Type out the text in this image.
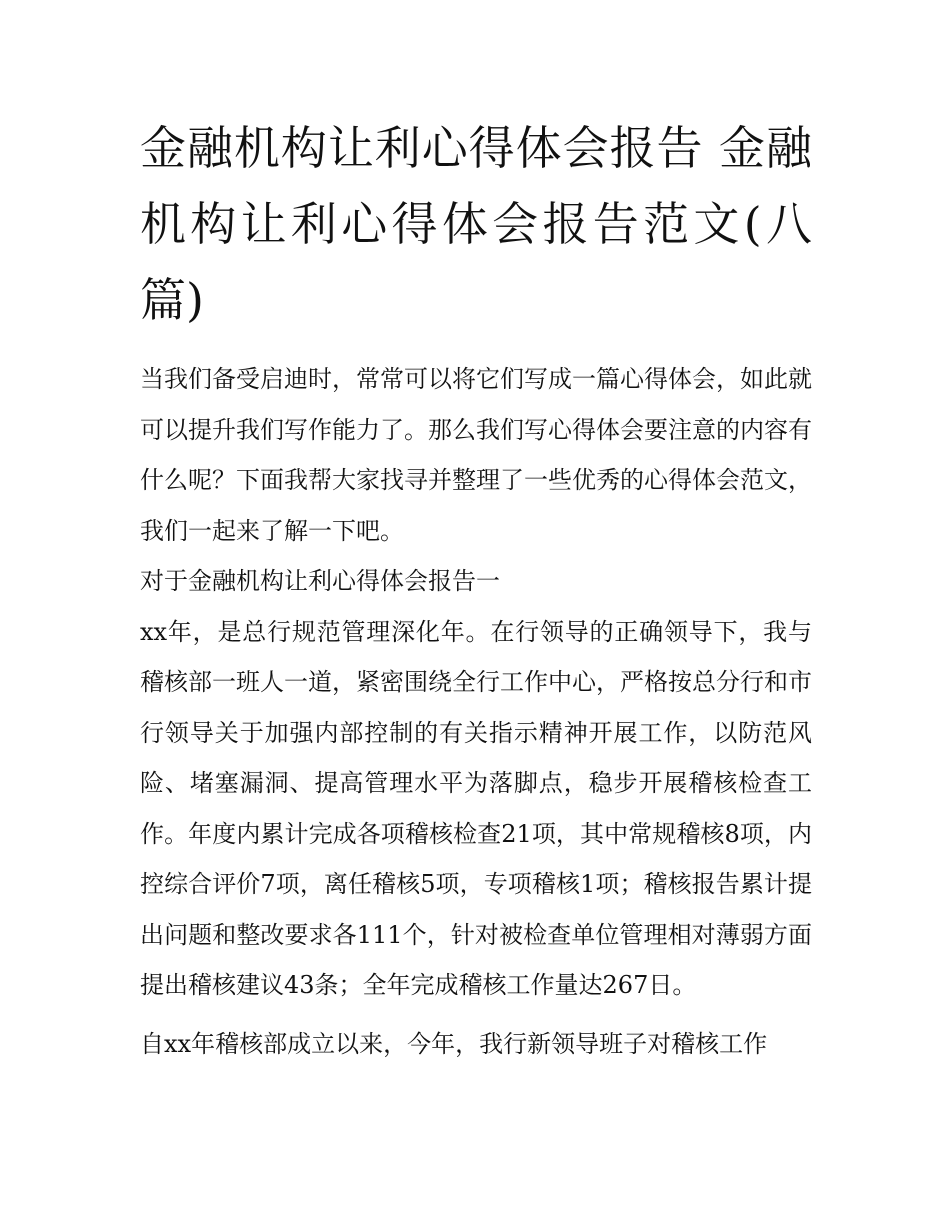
金融机构让利心得体会报告 金融机构让利心得体会报告范文(八篇)

当我们备受启迪时，常常可以将它们写成一篇心得体会，如此就可以提升我们写作能力了。那么我们写心得体会要注意的内容有什么呢？下面我帮大家找寻并整理了一些优秀的心得体会范文，我们一起来了解一下吧。

对于金融机构让利心得体会报告一

xx年，是总行规范管理深化年。在行领导的正确领导下，我与稽核部一班人一道，紧密围绕全行工作中心，严格按总分行和市行领导关于加强内部控制的有关指示精神开展工作，以防范风险、堵塞漏洞、提高管理水平为落脚点，稳步开展稽核检查工作。年度内累计完成各项稽核检查21项，其中常规稽核8项，内控综合评价7项，离任稽核5项，专项稽核1项；稽核报告累计提出问题和整改要求各111个，针对被检查单位管理相对薄弱方面提出稽核建议43条；全年完成稽核工作量达267日。

自xx年稽核部成立以来，今年，我行新领导班子对稽核工作
